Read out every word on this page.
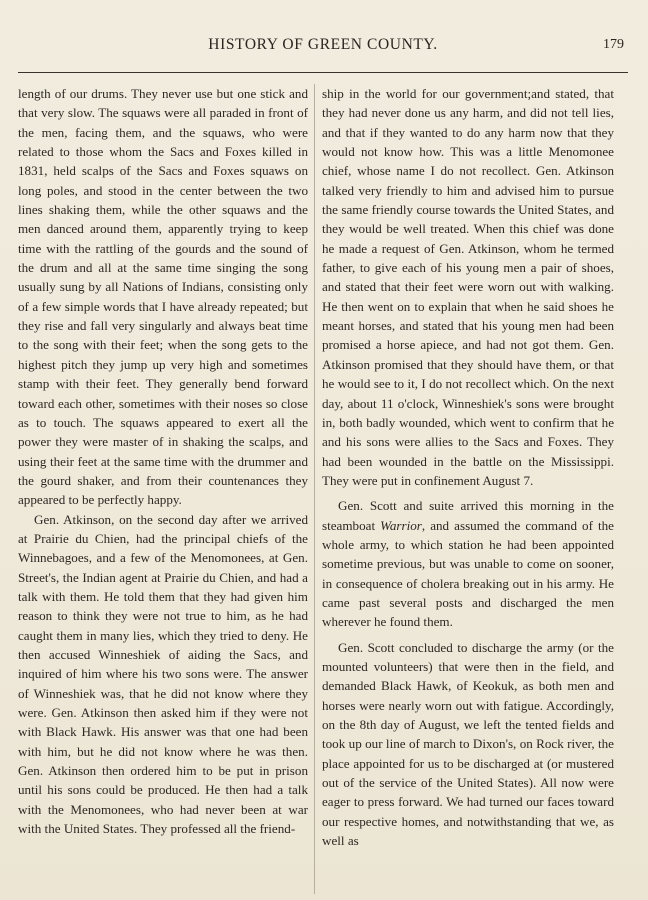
HISTORY OF GREEN COUNTY.	179

length of our drums. They never use but one stick and that very slow. The squaws were all paraded in front of the men, facing them, and the squaws, who were related to those whom the Sacs and Foxes killed in 1831, held scalps of the Sacs and Foxes squaws on long poles, and stood in the center between the two lines shaking them, while the other squaws and the men danced around them, apparently trying to keep time with the rattling of the gourds and the sound of the drum and all at the same time singing the song usually sung by all Nations of Indians, consisting only of a few simple words that I have already repeated; but they rise and fall very singularly and always beat time to the song with their feet; when the song gets to the highest pitch they jump up very high and sometimes stamp with their feet. They generally bend forward toward each other, sometimes with their noses so close as to touch. The squaws appeared to exert all the power they were master of in shaking the scalps, and using their feet at the same time with the drummer and the gourd shaker, and from their countenances they appeared to be perfectly happy.

Gen. Atkinson, on the second day after we arrived at Prairie du Chien, had the principal chiefs of the Winnebagoes, and a few of the Menomonees, at Gen. Street's, the Indian agent at Prairie du Chien, and had a talk with them. He told them that they had given him reason to think they were not true to him, as he had caught them in many lies, which they tried to deny. He then accused Winneshiek of aiding the Sacs, and inquired of him where his two sons were. The answer of Winneshiek was, that he did not know where they were. Gen. Atkinson then asked him if they were not with Black Hawk. His answer was that one had been with him, but he did not know where he was then. Gen. Atkinson then ordered him to be put in prison until his sons could be produced. He then had a talk with the Menomonees, who had never been at war with the United States. They professed all the friend-

ship in the world for our government;and stated, that they had never done us any harm, and did not tell lies, and that if they wanted to do any harm now that they would not know how. This was a little Menomonee chief, whose name I do not recollect. Gen. Atkinson talked very friendly to him and advised him to pursue the same friendly course towards the United States, and they would be well treated. When this chief was done he made a request of Gen. Atkinson, whom he termed father, to give each of his young men a pair of shoes, and stated that their feet were worn out with walking. He then went on to explain that when he said shoes he meant horses, and stated that his young men had been promised a horse apiece, and had not got them. Gen. Atkinson promised that they should have them, or that he would see to it, I do not recollect which. On the next day, about 11 o'clock, Winneshiek's sons were brought in, both badly wounded, which went to confirm that he and his sons were allies to the Sacs and Foxes. They had been wounded in the battle on the Mississippi. They were put in confinement August 7.

Gen. Scott and suite arrived this morning in the steamboat Warrior, and assumed the command of the whole army, to which station he had been appointed sometime previous, but was unable to come on sooner, in consequence of cholera breaking out in his army. He came past several posts and discharged the men wherever he found them.

Gen. Scott concluded to discharge the army (or the mounted volunteers) that were then in the field, and demanded Black Hawk, of Keokuk, as both men and horses were nearly worn out with fatigue. Accordingly, on the 8th day of August, we left the tented fields and took up our line of march to Dixon's, on Rock river, the place appointed for us to be discharged at (or mustered out of the service of the United States). All now were eager to press forward. We had turned our faces toward our respective homes, and notwithstanding that we, as well as
